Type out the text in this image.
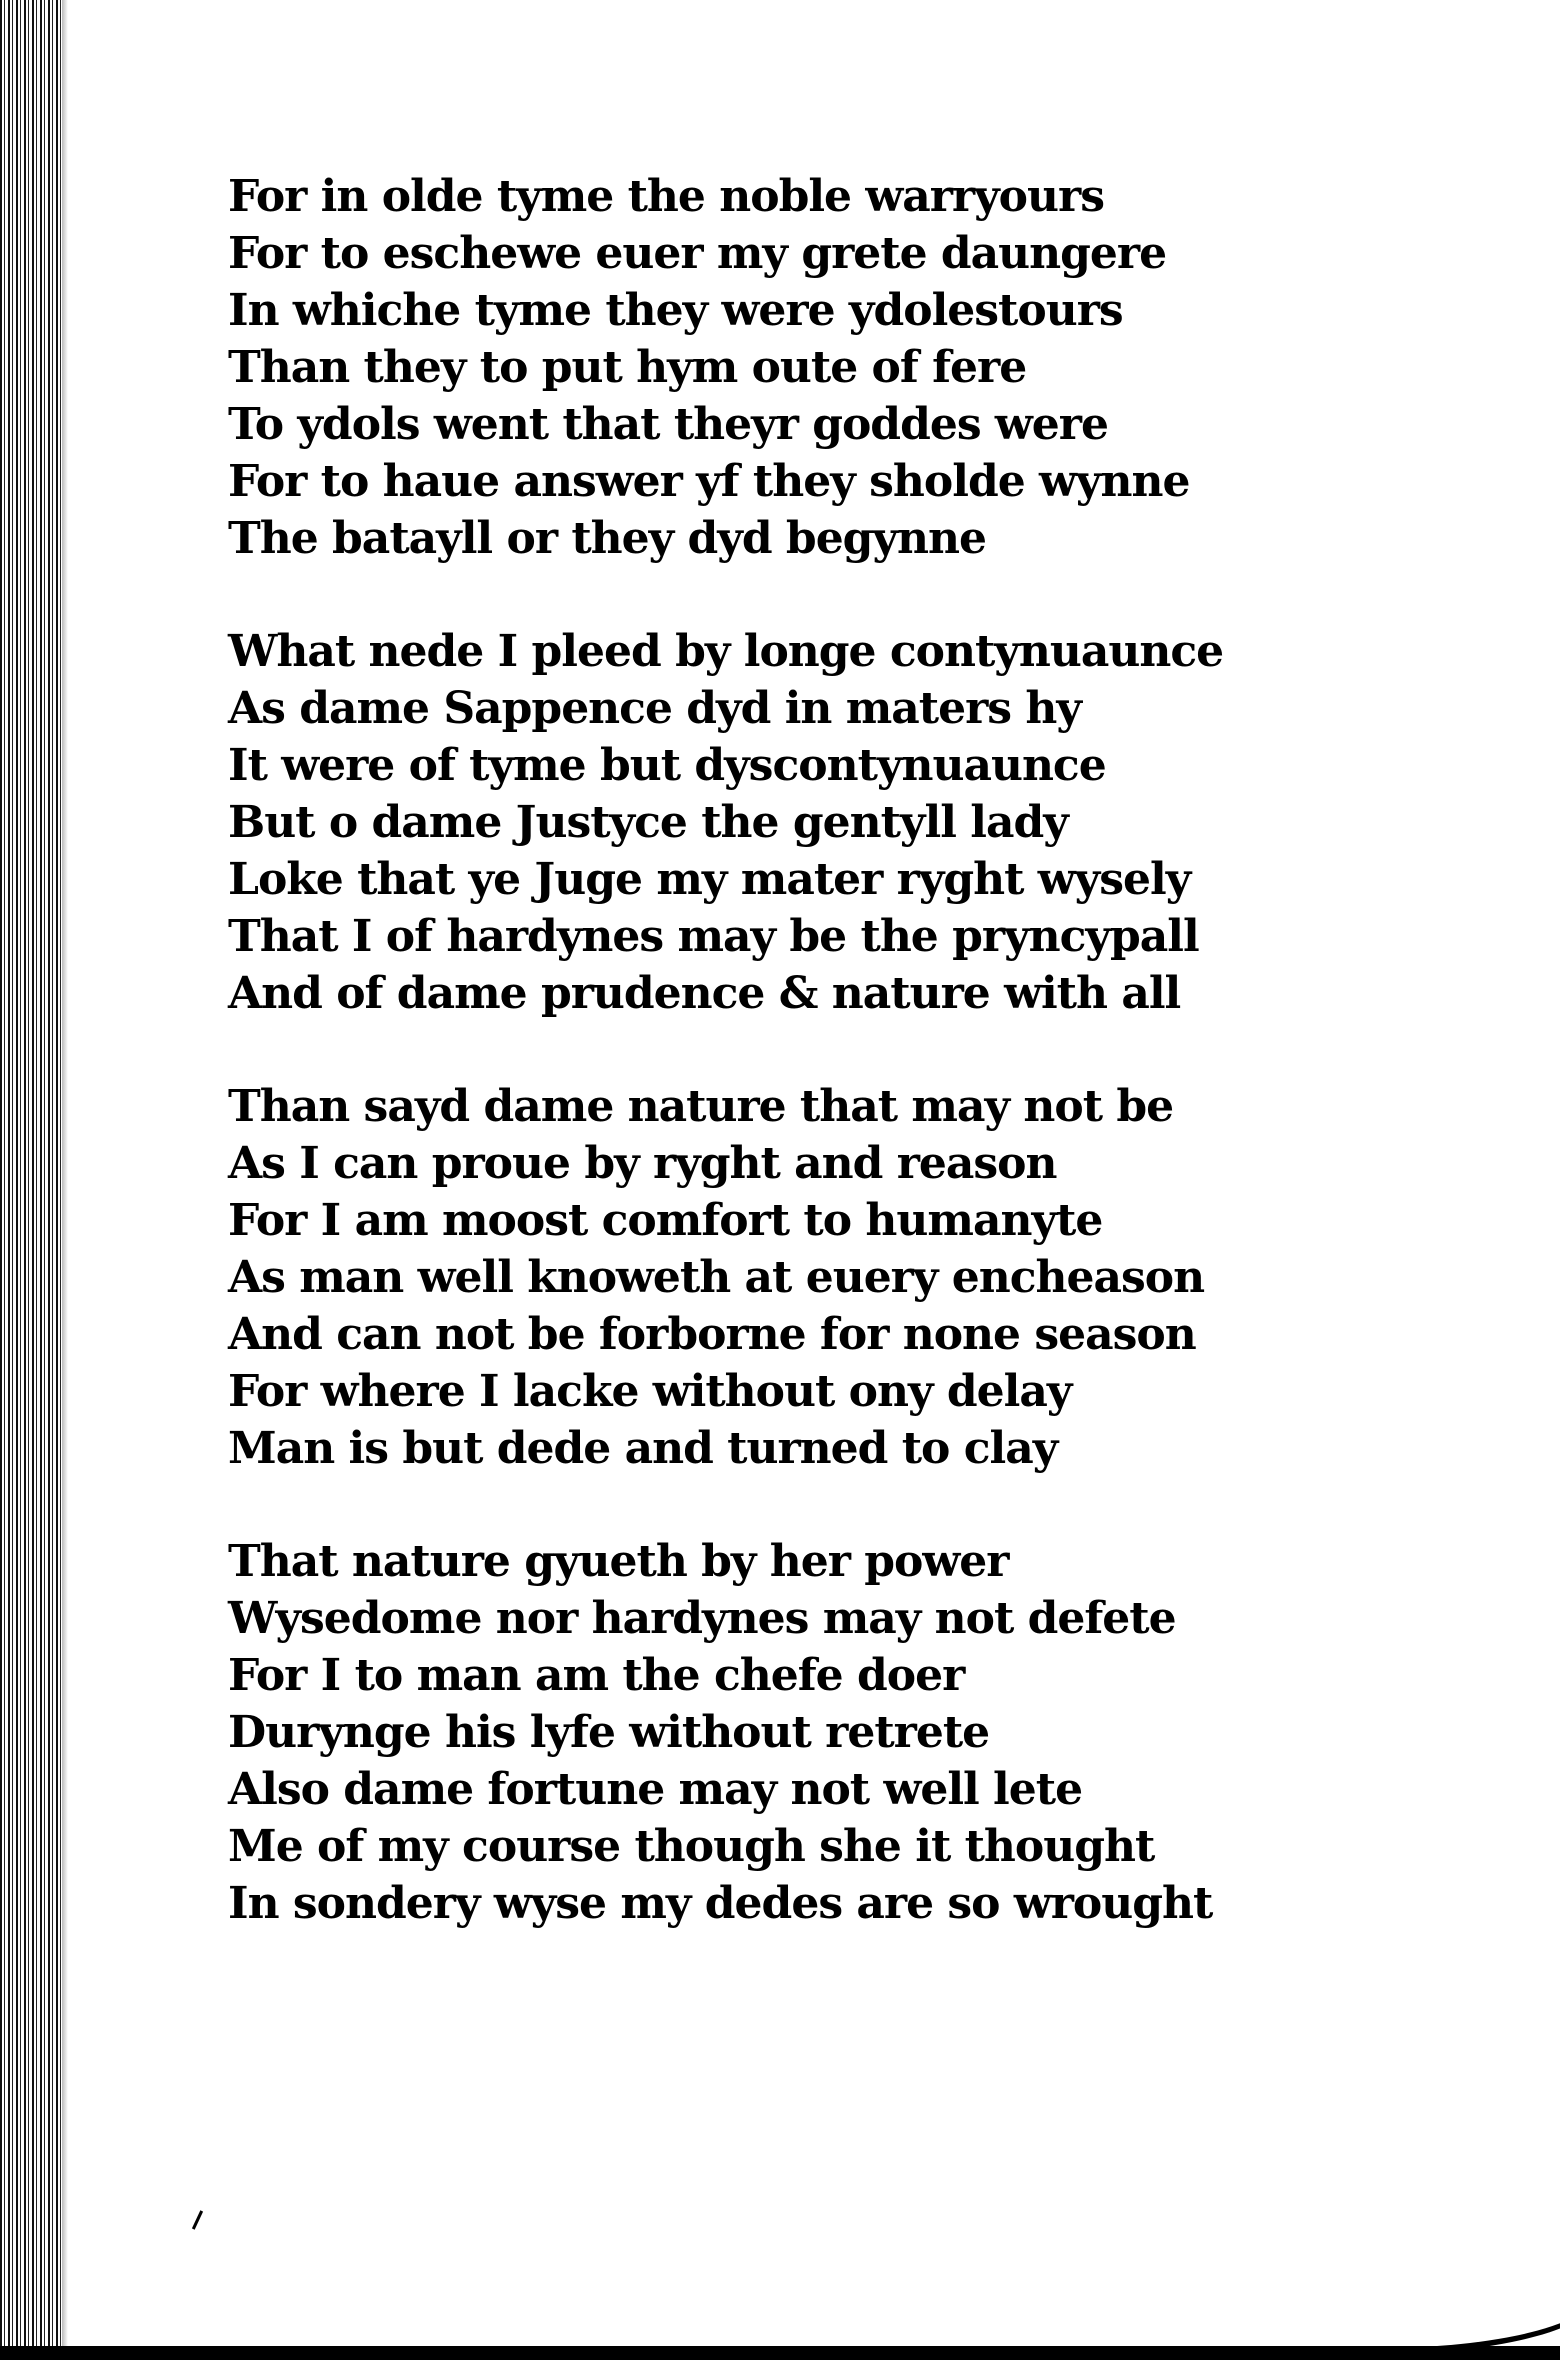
For in olde tyme the noble warryours
For to eschewe euer my grete daungere
In whiche tyme they were ydolestours
Than they to put hym oute of fere
To ydols went that theyr goddes were
For to haue answer yf they sholde wynne
The batayll or they dyd begynne
What nede I pleed by longe contynuaunce
As dame Sappence dyd in maters hy
It were of tyme but dyscontynuaunce
But o dame Justyce the gentyll lady
Loke that ye Juge my mater ryght wysely
That I of hardynes may be the pryncypall
And of dame prudence & nature with all
Than sayd dame nature that may not be
As I can proue by ryght and reason
For I am moost comfort to humanyte
As man well knoweth at euery encheason
And can not be forborne for none season
For where I lacke without ony delay
Man is but dede and turned to clay
That nature gyueth by her power
Wysedome nor hardynes may not defete
For I to man am the chefe doer
Durynge his lyfe without retrete
Also dame fortune may not well lete
Me of my course though she it thought
In sondery wyse my dedes are so wrought
